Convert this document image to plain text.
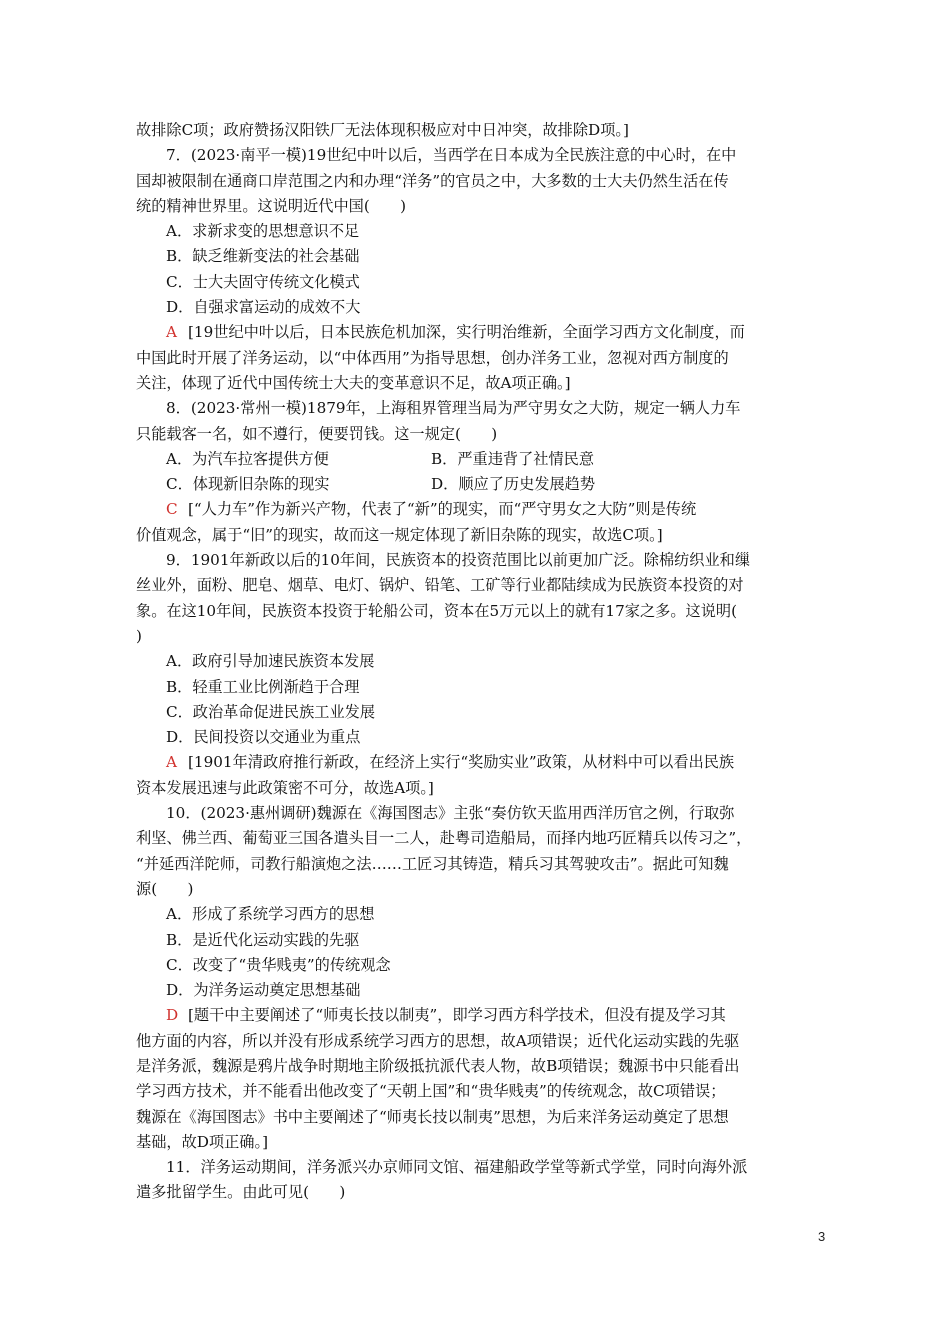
故排除C项；政府赞扬汉阳铁厂无法体现积极应对中日冲突，故排除D项。]
7．(2023·南平一模)19世纪中叶以后，当西学在日本成为全民族注意的中心时，在中
国却被限制在通商口岸范围之内和办理“洋务”的官员之中，大多数的士大夫仍然生活在传
统的精神世界里。这说明近代中国(　　)
A．求新求变的思想意识不足
B．缺乏维新变法的社会基础
C．士大夫固守传统文化模式
D．自强求富运动的成效不大
A [19世纪中叶以后，日本民族危机加深，实行明治维新，全面学习西方文化制度，而
中国此时开展了洋务运动，以“中体西用”为指导思想，创办洋务工业，忽视对西方制度的
关注，体现了近代中国传统士大夫的变革意识不足，故A项正确。]
8．(2023·常州一模)1879年，上海租界管理当局为严守男女之大防，规定一辆人力车
只能载客一名，如不遵行，便要罚钱。这一规定(　　)
A．为汽车拉客提供方便	B．严重违背了社情民意
C．体现新旧杂陈的现实	D．顺应了历史发展趋势
C [“人力车”作为新兴产物，代表了“新”的现实，而“严守男女之大防”则是传统
价值观念，属于“旧”的现实，故而这一规定体现了新旧杂陈的现实，故选C项。]
9．1901年新政以后的10年间，民族资本的投资范围比以前更加广泛。除棉纺织业和缫
丝业外，面粉、肥皂、烟草、电灯、锅炉、铅笔、工矿等行业都陆续成为民族资本投资的对
象。在这10年间，民族资本投资于轮船公司，资本在5万元以上的就有17家之多。这说明(
)
A．政府引导加速民族资本发展
B．轻重工业比例渐趋于合理
C．政治革命促进民族工业发展
D．民间投资以交通业为重点
A [1901年清政府推行新政，在经济上实行“奖励实业”政策，从材料中可以看出民族
资本发展迅速与此政策密不可分，故选A项。]
10．(2023·惠州调研)魏源在《海国图志》主张“奏仿钦天监用西洋历官之例，行取弥
利坚、佛兰西、葡萄亚三国各遣头目一二人，赴粤司造船局，而择内地巧匠精兵以传习之”，
“并延西洋陀师，司教行船演炮之法……工匠习其铸造，精兵习其驾驶攻击”。据此可知魏
源(　　)
A．形成了系统学习西方的思想
B．是近代化运动实践的先驱
C．改变了“贵华贱夷”的传统观念
D．为洋务运动奠定思想基础
D [题干中主要阐述了“师夷长技以制夷”，即学习西方科学技术，但没有提及学习其
他方面的内容，所以并没有形成系统学习西方的思想，故A项错误；近代化运动实践的先驱
是洋务派，魏源是鸦片战争时期地主阶级抵抗派代表人物，故B项错误；魏源书中只能看出
学习西方技术，并不能看出他改变了“天朝上国”和“贵华贱夷”的传统观念，故C项错误；
魏源在《海国图志》书中主要阐述了“师夷长技以制夷”思想，为后来洋务运动奠定了思想
基础，故D项正确。]
11．洋务运动期间，洋务派兴办京师同文馆、福建船政学堂等新式学堂，同时向海外派
遣多批留学生。由此可见(　　)
3
